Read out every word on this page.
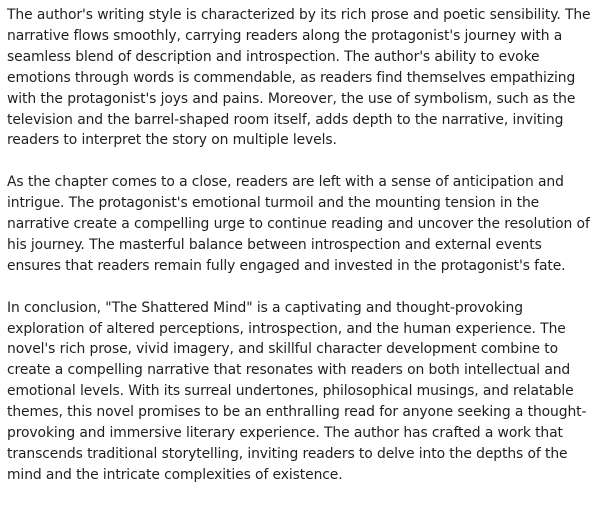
The author's writing style is characterized by its rich prose and poetic sensibility. The narrative flows smoothly, carrying readers along the protagonist's journey with a seamless blend of description and introspection. The author's ability to evoke emotions through words is commendable, as readers find themselves empathizing with the protagonist's joys and pains. Moreover, the use of symbolism, such as the television and the barrel-shaped room itself, adds depth to the narrative, inviting readers to interpret the story on multiple levels.

As the chapter comes to a close, readers are left with a sense of anticipation and intrigue. The protagonist's emotional turmoil and the mounting tension in the narrative create a compelling urge to continue reading and uncover the resolution of his journey. The masterful balance between introspection and external events ensures that readers remain fully engaged and invested in the protagonist's fate.

In conclusion, "The Shattered Mind" is a captivating and thought-provoking exploration of altered perceptions, introspection, and the human experience. The novel's rich prose, vivid imagery, and skillful character development combine to create a compelling narrative that resonates with readers on both intellectual and emotional levels. With its surreal undertones, philosophical musings, and relatable themes, this novel promises to be an enthralling read for anyone seeking a thought-provoking and immersive literary experience. The author has crafted a work that transcends traditional storytelling, inviting readers to delve into the depths of the mind and the intricate complexities of existence.
